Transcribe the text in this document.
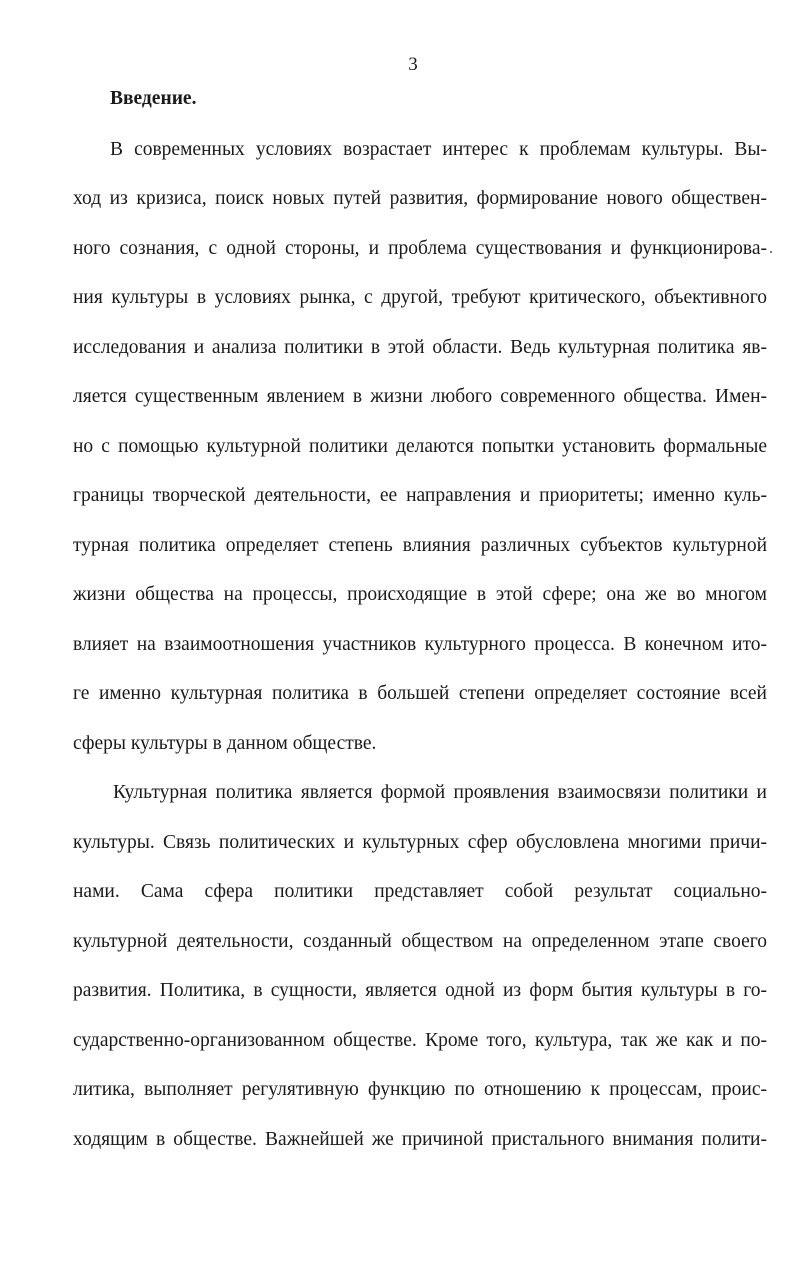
3
Введение.
В современных условиях возрастает интерес к проблемам культуры. Вы-
ход из кризиса, поиск новых путей развития, формирование нового обществен-
ного сознания, с одной стороны, и проблема существования и функционирова-
ния культуры в условиях рынка, с другой, требуют критического, объективного
исследования и анализа политики в этой области. Ведь культурная политика яв-
ляется существенным явлением в жизни любого современного общества. Имен-
но с помощью культурной политики делаются попытки установить формальные
границы творческой деятельности, ее направления и приоритеты; именно куль-
турная политика определяет степень влияния различных субъектов культурной
жизни общества на процессы, происходящие в этой сфере; она же во многом
влияет на взаимоотношения участников культурного процесса. В конечном ито-
ге именно культурная политика в большей степени определяет состояние всей
сферы культуры в данном обществе.
Культурная политика является формой проявления взаимосвязи политики и
культуры. Связь политических и культурных сфер обусловлена многими причи-
нами. Сама сфера политики представляет собой результат социально-
культурной деятельности, созданный обществом на определенном этапе своего
развития. Политика, в сущности, является одной из форм бытия культуры в го-
сударственно-организованном обществе. Кроме того, культура, так же как и по-
литика, выполняет регулятивную функцию по отношению к процессам, проис-
ходящим в обществе. Важнейшей же причиной пристального внимания полити-
